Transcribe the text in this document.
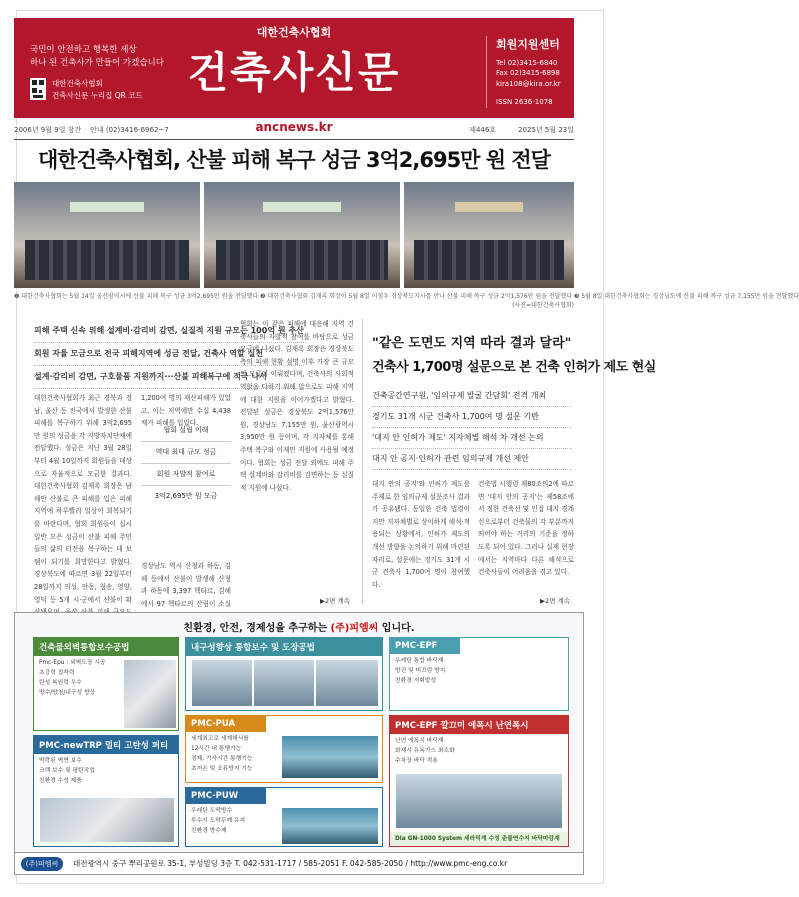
대한건축사협회
국민이 안전하고 행복한 세상
하나 된 건축사가 만들어 가겠습니다
대한건축사협회
건축사신문 누리집 QR 코드	건축사신문
회원지원센터
Tel 02)3415-6840
Fax 02)3415-6898
kira108@kira.or.kr
ISSN 2636-1078
2006년 9월 9일 창간 안내 (02)3416-6962~7	ancnews.kr	제446호	2025년 5월 23일
대한건축사협회, 산불 피해 복구 성금 3억2,695만 원 전달
❶ 대한건축사협회는 5월 14일 울산광역시에 산불 피해 복구 성금 3억2,695만 원을 전달했다 ❷ 대한건축사협회 김재록 회장이 5월 8일 이철우 경상북도지사를 만나 산불 피해 복구 성금 2억1,576만 원을 전달했다 ❸ 5월 8일 대한건축사협회는 경상남도에 산불 피해 복구 성금 7,155만 원을 전달했다
(사진=대한건축사협회)
피해 주택 신속 위해 설계비·감리비 감면, 실질적 지원 규모는 100억 원 추산
회원 자율 모금으로 전국 피해지역에 성금 전달, 건축사 역할 실천
설계·감리비 감면, 구호물품 지원까지···산불 피해복구에 적극 나서
대한건축사협회가 최근 경북과 경남, 울산 등 전국에서 발생한 산불 피해를 복구하기 위해 3억2,695만 원의 성금을 각 지방자치단체에 전달했다. 성금은 지난 3월 28일부터 4월 10일까지 회원들을 대상으로 자율적으로 모금한 결과다. 대한건축사협회 김재록 회장은 남해안 산불로 큰 피해를 입은 피해 지역에 하루빨리 일상이 회복되기를 바란다며, 협회 회원들이 십시일반 모은 성금이 산불 피해 주민들의 삶의 터전을 복구하는 데 보탬이 되기를 희망한다고 밝혔다. 경상북도에 따르면 3월 22일부터 28일까지 의성, 안동, 청송, 영양, 영덕 등 5개 시·군에서 산불이 확
1,200여 명의 재산피해가 있었고, 이는 지역에만 수십 4,438채가 피해를 입었다.
협회 설립 이래
역대 최대 규모 성금
회원 자발적 참여로
3억2,695만 원 모금
경상남도 역시 산청과 하동, 김해 등에서 산불이 발생해 산청과 하동에 3,397 헥타르, 김해에서 97 헥타르의 산림이 소실
협회는 이 같은 피해에 대응해 지역 건축사들의 자발적 참여를 바탕으로 성금 모금에 나섰다. 김재록 회장은 경상북도 측의 피해 현황 설명 이후 가장 큰 규모의 모금이 이뤄졌다며, 건축사의 사회적 역할을 다하기 위해 앞으로도 피해 지역에 대한 지원을 이어가겠다고 밝혔다. 전달된 성금은 경상북도 2억1,576만 원, 경상남도 7,155만 원, 울산광역시 3,950만 원 등이며, 각 지자체를 통해 주택 복구와 이재민 지원에 사용될 예정이다. 협회는 성금 전달 외에도 피해 주택 설계비와 감리비를 감면하는 등 실질적 지원에 나섰다.
▶2면 계속
"같은 도면도 지역 따라 결과 달라"
건축사 1,700명 설문으로 본 건축 인허가 제도 현실
건축공간연구원, '임의규제 발굴 간담회' 전격 개최
경기도 31개 시군 건축사 1,700여 명 설문 기반
'대지 안 인허가 제도' 지자체별 해석 차 개선 논의
대지 안 공지·인허가 관련 임의규제 개선 제안
대지 안의 공지'와 인허가 제도를 주제로 한 임의규제 설문조사 결과가 공유됐다. 동일한 건축 법령이지만 지자체별로 상이하게 해석·적용되는 상황에서, 인허가 제도의 개선 방향을 논의하기 위해 마련된 자리로, 설문에는 경기도 31개 시군 건축사 1,700여 명이 참여했다.
건축법 시행령 제80조의2에 따르면 '대지 안의 공지'는 제58조에서 정한 건축선 및 인접 대지 경계선으로부터 건축물의 각 부분까지 띄어야 하는 거리의 기준을 정하도록 되어 있다. 그러나 실제 현장에서는 지역마다 다른 해석으로 건축사들이 어려움을 겪고 있다.
▶2면 계속
친환경, 안전, 경제성을 추구하는 (주)피엠씨 입니다.
건축물외벽통합보수공법
Pmc-Epu : 외벽도장 시공
초강력 접착력
탄성 복원력 우수
방수/방청/내구성 향상
PMC-newTRP 멀티 고탄성 퍼티
박락된 벽면 보수
크랙 보수 및 평탄작업
친환경 수성 제품
내구성향상 통합보수 및 도장공법
PMC-PUA
세계최고로 세계해서를
12시간 내 통행가능
경제, 기사시간 통행기능
초저온 및 조류방지 기능
PMC-PUW
우레탄 도막방수
투수시 도막두께 유지
친환경 방수제
PMC-EPF
우레탄 통합 바닥재
방진 및 미끄럼 방지
친환경 저휘발성
PMC-EPF 깔끄미 에폭시 난연폭시
난연 에폭시 바닥재
화재시 유독가스 최소화
주차장 바닥 적용
Dia GN-1000 System 세라믹계 수성 준불연수지 바닥마감재
(주)피엠씨 대전광역시 중구 뿌리공원로 35-1, 부성빌딩 3층 T. 042-531-1717 / 585-2051 F. 042-585-2050 / http://www.pmc-eng.co.kr
